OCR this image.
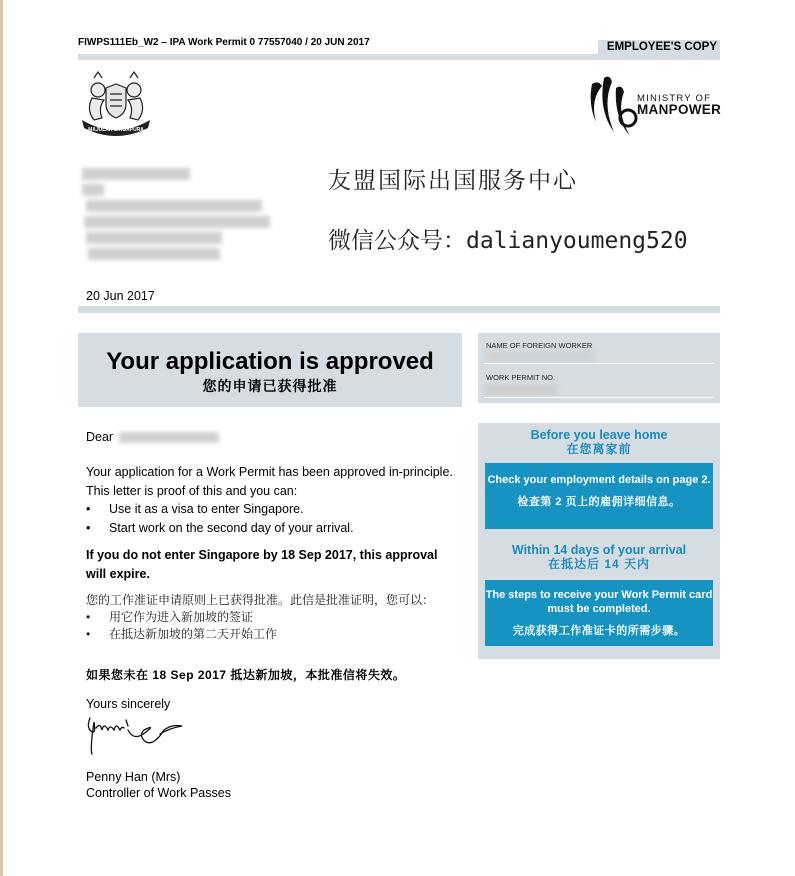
FIWPS111Eb_W2 – IPA Work Permit 0 77557040 / 20 JUN 2017	EMPLOYEE'S COPY
MAJULAH SINGAPURA
MINISTRY OF
MANPOWER
友盟国际出国服务中心
微信公众号：dalianyoumeng520
20 Jun 2017
Your application is approved
您的申请已获得批准
NAME OF FOREIGN WORKER
WORK PERMIT NO.
Dear
Your application for a Work Permit has been approved in-principle. This letter is proof of this and you can:
• Use it as a visa to enter Singapore.
• Start work on the second day of your arrival.
If you do not enter Singapore by 18 Sep 2017, this approval will expire.
您的工作准证申请原则上已获得批准。此信是批准证明，您可以：
• 用它作为进入新加坡的签证
• 在抵达新加坡的第二天开始工作
如果您未在 18 Sep 2017 抵达新加坡，本批准信将失效。
Yours sincerely
Penny Han (Mrs)
Controller of Work Passes
Before you leave home
在您离家前
Check your employment details on page 2.
检查第 2 页上的雇佣详细信息。
Within 14 days of your arrival
在抵达后 14 天内
The steps to receive your Work Permit card must be completed.
完成获得工作准证卡的所需步骤。
